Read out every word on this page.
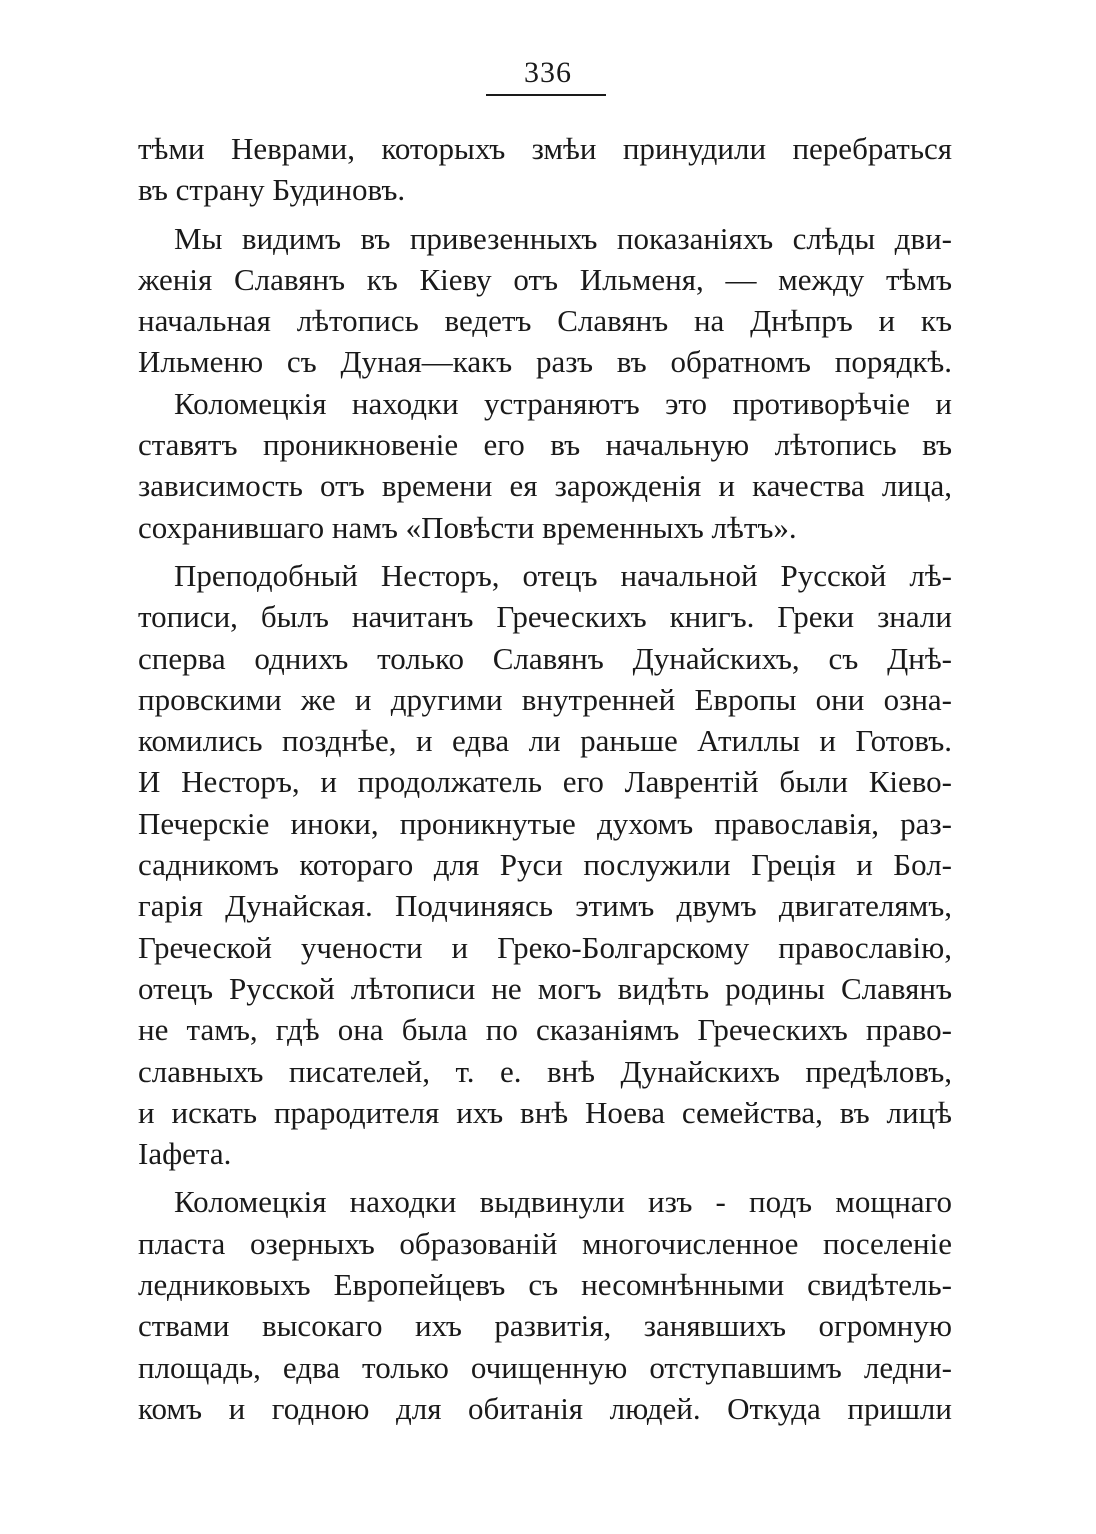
336
тѣми Неврами, которыхъ змѣи принудили перебраться
въ страну Будиновъ.
Мы видимъ въ привезенныхъ показаніяхъ слѣды дви-
женія Славянъ къ Кіеву отъ Ильменя, — между тѣмъ
начальная лѣтопись ведетъ Славянъ на Днѣпръ и къ
Ильменю съ Дуная—какъ разъ въ обратномъ порядкѣ.
Коломецкія находки устраняютъ это противорѣчіе и
ставятъ проникновеніе его въ начальную лѣтопись въ
зависимость отъ времени ея зарожденія и качества лица,
сохранившаго намъ «Повѣсти временныхъ лѣтъ».
Преподобный Несторъ, отецъ начальной Русской лѣ-
тописи, былъ начитанъ Греческихъ книгъ. Греки знали
сперва однихъ только Славянъ Дунайскихъ, съ Днѣ-
провскими же и другими внутренней Европы они озна-
комились позднѣе, и едва ли раньше Атиллы и Готовъ.
И Несторъ, и продолжатель его Лаврентій были Кіево-
Печерскіе иноки, проникнутые духомъ православія, раз-
садникомъ котораго для Руси послужили Греція и Бол-
гарія Дунайская. Подчиняясь этимъ двумъ двигателямъ,
Греческой учености и Греко-Болгарскому православію,
отецъ Русской лѣтописи не могъ видѣть родины Славянъ
не тамъ, гдѣ она была по сказаніямъ Греческихъ право-
славныхъ писателей, т. е. внѣ Дунайскихъ предѣловъ,
и искать прародителя ихъ внѣ Ноева семейства, въ лицѣ
Іафета.
Коломецкія находки выдвинули изъ - подъ мощнаго
пласта озерныхъ образованій многочисленное поселеніе
ледниковыхъ Европейцевъ съ несомнѣнными свидѣтель-
ствами высокаго ихъ развитія, занявшихъ огромную
площадь, едва только очищенную отступавшимъ ледни-
комъ и годною для обитанія людей. Откуда пришли
